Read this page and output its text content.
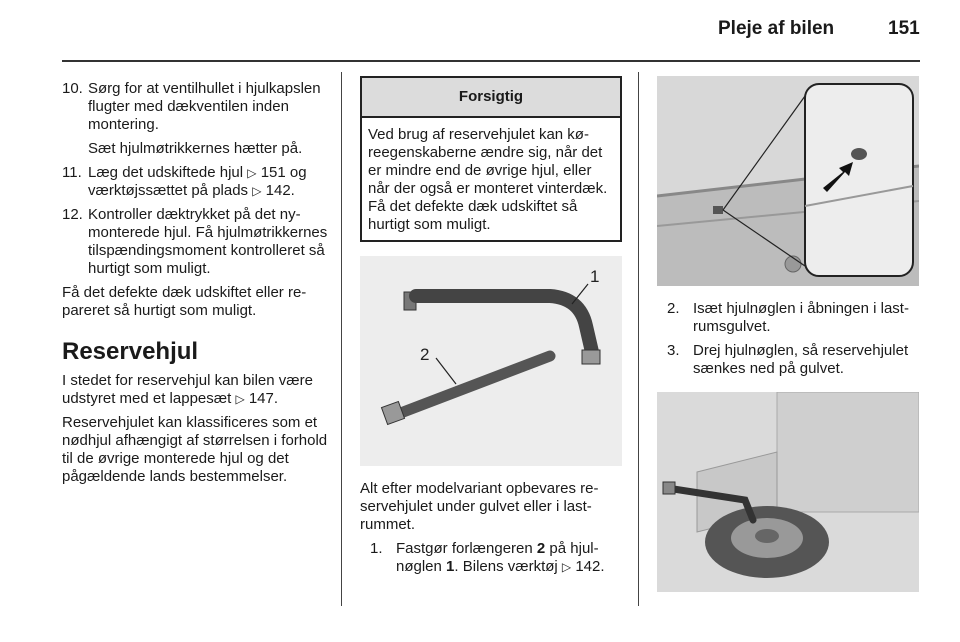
Pleje af bilen	151
10. Sørg for at ventilhullet i hjulkapslen flugter med dækventilen inden montering.
Sæt hjulmøtrikkernes hætter på.
11. Læg det udskiftede hjul ▷ 151 og værktøjssættet på plads ▷ 142.
12. Kontroller dæktrykket på det nymonterede hjul. Få hjulmøtrikkernes tilspændingsmoment kontrolleret så hurtigt som muligt.

Få det defekte dæk udskiftet eller repareret så hurtigt som muligt.

Reservehjul

I stedet for reservehjul kan bilen være udstyret med et lappesæt ▷ 147.

Reservehjulet kan klassificeres som et nødhjul afhængigt af størrelsen i forhold til de øvrige monterede hjul og det pågældende lands bestemmelser.

Forsigtig
Ved brug af reservehjulet kan køreegenskaberne ændre sig, når det er mindre end de øvrige hjul, eller når der også er monteret vinterdæk. Få det defekte dæk udskiftet så hurtigt som muligt.
1
2

Alt efter modelvariant opbevares reservehjulet under gulvet eller i lastrummet.

1. Fastgør forlængeren 2 på hjulnøglen 1. Bilens værktøj ▷ 142.
2. Isæt hjulnøglen i åbningen i lastrumsgulvet.
3. Drej hjulnøglen, så reservehjulet sænkes ned på gulvet.
